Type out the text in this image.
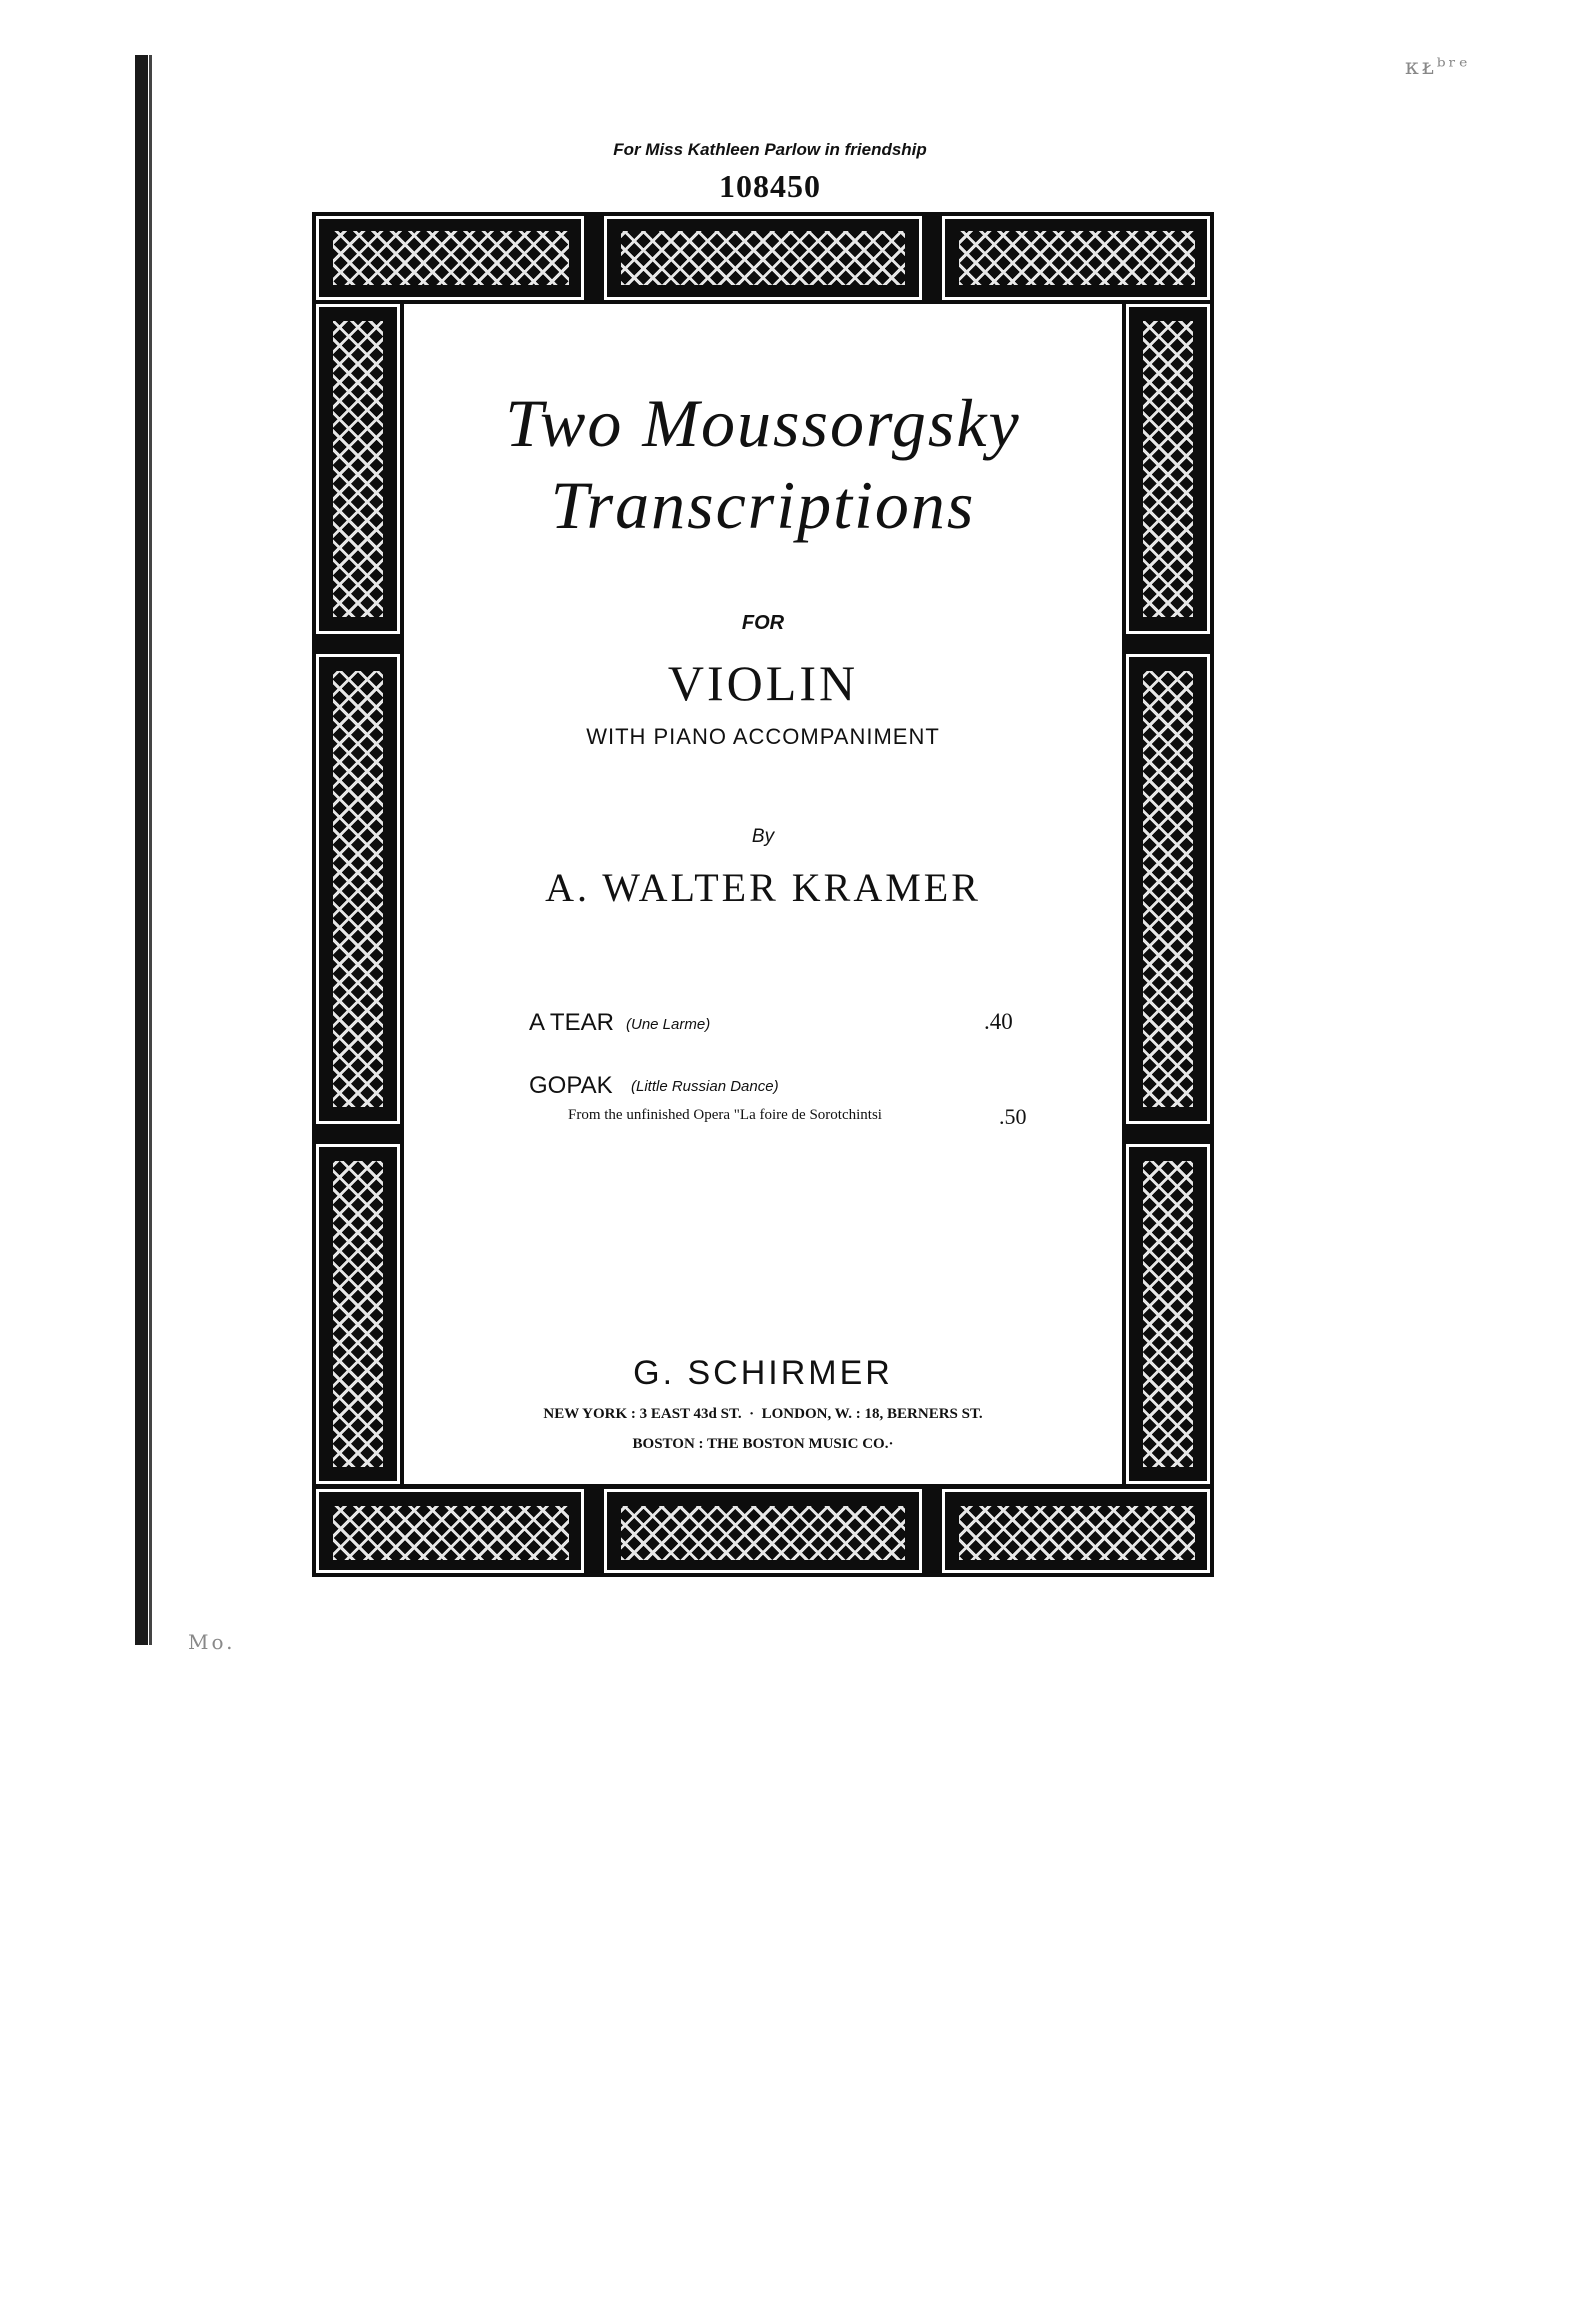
ᴋᴌᵇʳᵉ
For Miss Kathleen Parlow in friendship
108450
Two Moussorgsky
Transcriptions
FOR
VIOLIN
WITH PIANO ACCOMPANIMENT
By
A. WALTER KRAMER
A TEAR (Une Larme)	.40
GOPAK (Little Russian Dance)
From the unfinished Opera "La foire de Sorotchintsi	.50
G. SCHIRMER
NEW YORK : 3 EAST 43d ST.  ·  LONDON, W. : 18, BERNERS ST.
BOSTON : THE BOSTON MUSIC CO.·
Mo.
